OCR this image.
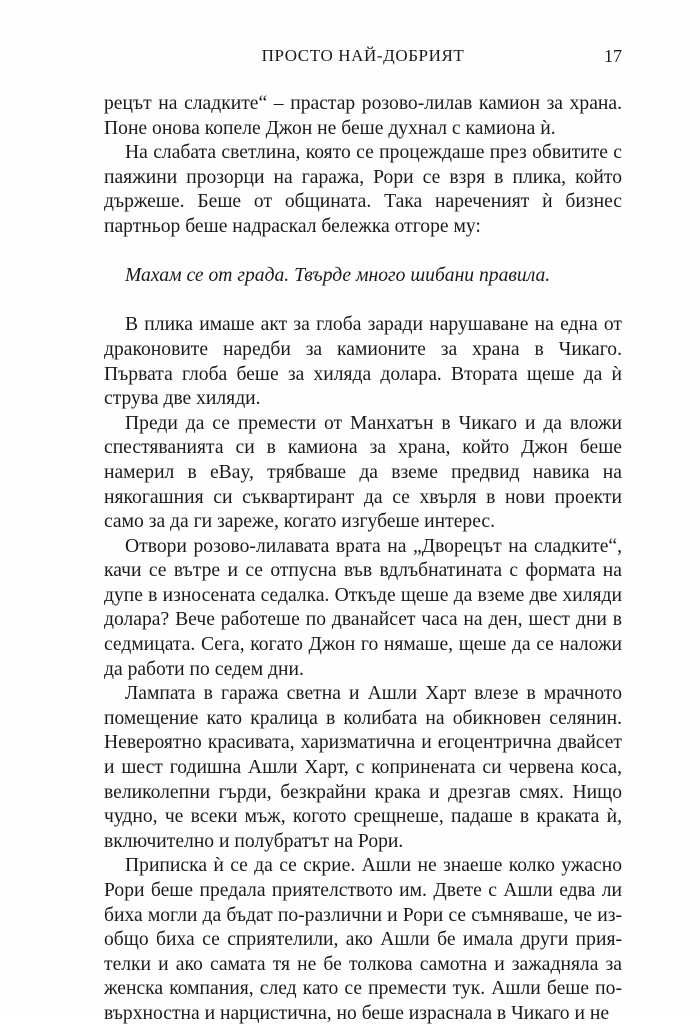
ПРОСТО НАЙ-ДОБРИЯТ	17

рецът на сладките“ – прастар розово-лилав камион за храна. Поне онова копеле Джон не беше духнал с камиона ѝ.

На слабата светлина, която се процеждаше през обвитите с паяжини прозорци на гаража, Рори се взря в плика, който държеше. Беше от общината. Така нареченият ѝ бизнес партньор беше надраскал бележка отгоре му:

Махам се от града. Твърде много шибани правила.

В плика имаше акт за глоба заради нарушаване на една от драконовите наредби за камионите за храна в Чикаго. Първата глоба беше за хиляда долара. Втората щеше да ѝ струва две хиляди.

Преди да се премести от Манхатън в Чикаго и да вложи спестяванията си в камиона за храна, който Джон беше намерил в eBay, трябваше да вземе предвид навика на някогашния си съквартирант да се хвърля в нови проекти само за да ги зареже, когато изгубеше интерес.

Отвори розово-лилавата врата на „Дворецът на сладките“, качи се вътре и се отпусна във вдлъбнатината с формата на дупе в износената седалка. Откъде щеше да вземе две хиляди долара? Вече работеше по дванайсет часа на ден, шест дни в седмицата. Сега, когато Джон го нямаше, щеше да се наложи да работи по седем дни.

Лампата в гаража светна и Ашли Харт влезе в мрачното помещение като кралица в колибата на обикновен селянин. Невероятно красивата, харизматична и егоцентрична двайсет и шест годишна Ашли Харт, с копринената си червена коса, великолепни гърди, безкрайни крака и дрезгав смях. Нищо чудно, че всеки мъж, когото срещнеше, падаше в краката ѝ, включително и полубратът на Рори.

Приписка ѝ се да се скрие. Ашли не знаеше колко ужасно Рори беше предала приятелството им. Двете с Ашли едва ли биха могли да бъдат по-различни и Рори се съмняваше, че изобщо биха се сприятелили, ако Ашли бе имала други приятелки и ако самата тя не бе толкова самотна и зажадняла за женска компания, след като се премести тук. Ашли беше повърхностна и нарцистична, но беше израснала в Чикаго и не
